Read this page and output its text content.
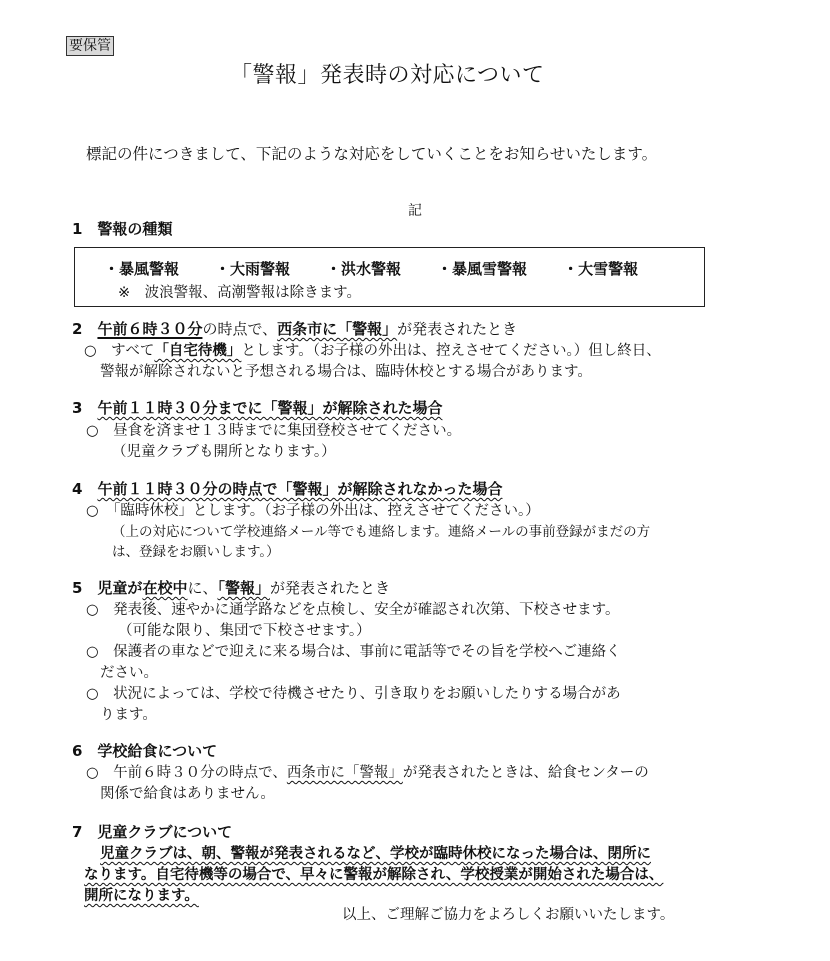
要保管
「警報」発表時の対応について
標記の件につきまして、下記のような対応をしていくことをお知らせいたします。
記
1　警報の種類
・暴風警報 ・大雨警報 ・洪水警報 ・暴風雪警報 ・大雪警報
※　波浪警報、高潮警報は除きます。
2　午前６時３０分の時点で、西条市に「警報」が発表されたとき
○　すべて「自宅待機」とします。（お子様の外出は、控えさせてください。）但し終日、
警報が解除されないと予想される場合は、臨時休校とする場合があります。
3　午前１１時３０分までに「警報」が解除された場合
○　昼食を済ませ１３時までに集団登校させてください。
（児童クラブも開所となります。）
4　午前１１時３０分の時点で「警報」が解除されなかった場合
○　「臨時休校」とします。（お子様の外出は、控えさせてください。）
（上の対応について学校連絡メール等でも連絡します。連絡メールの事前登録がまだの方
は、登録をお願いします。）
5　児童が在校中に、「警報」が発表されたとき
○　発表後、速やかに通学路などを点検し、安全が確認され次第、下校させます。
（可能な限り、集団で下校させます。）
○　保護者の車などで迎えに来る場合は、事前に電話等でその旨を学校へご連絡く
ださい。
○　状況によっては、学校で待機させたり、引き取りをお願いしたりする場合があ
ります。
6　学校給食について
○　午前６時３０分の時点で、西条市に「警報」が発表されたときは、給食センターの
関係で給食はありません。
7　児童クラブについて
児童クラブは、朝、警報が発表されるなど、学校が臨時休校になった場合は、閉所に
なります。自宅待機等の場合で、早々に警報が解除され、学校授業が開始された場合は、
開所になります。
以上、ご理解ご協力をよろしくお願いいたします。
